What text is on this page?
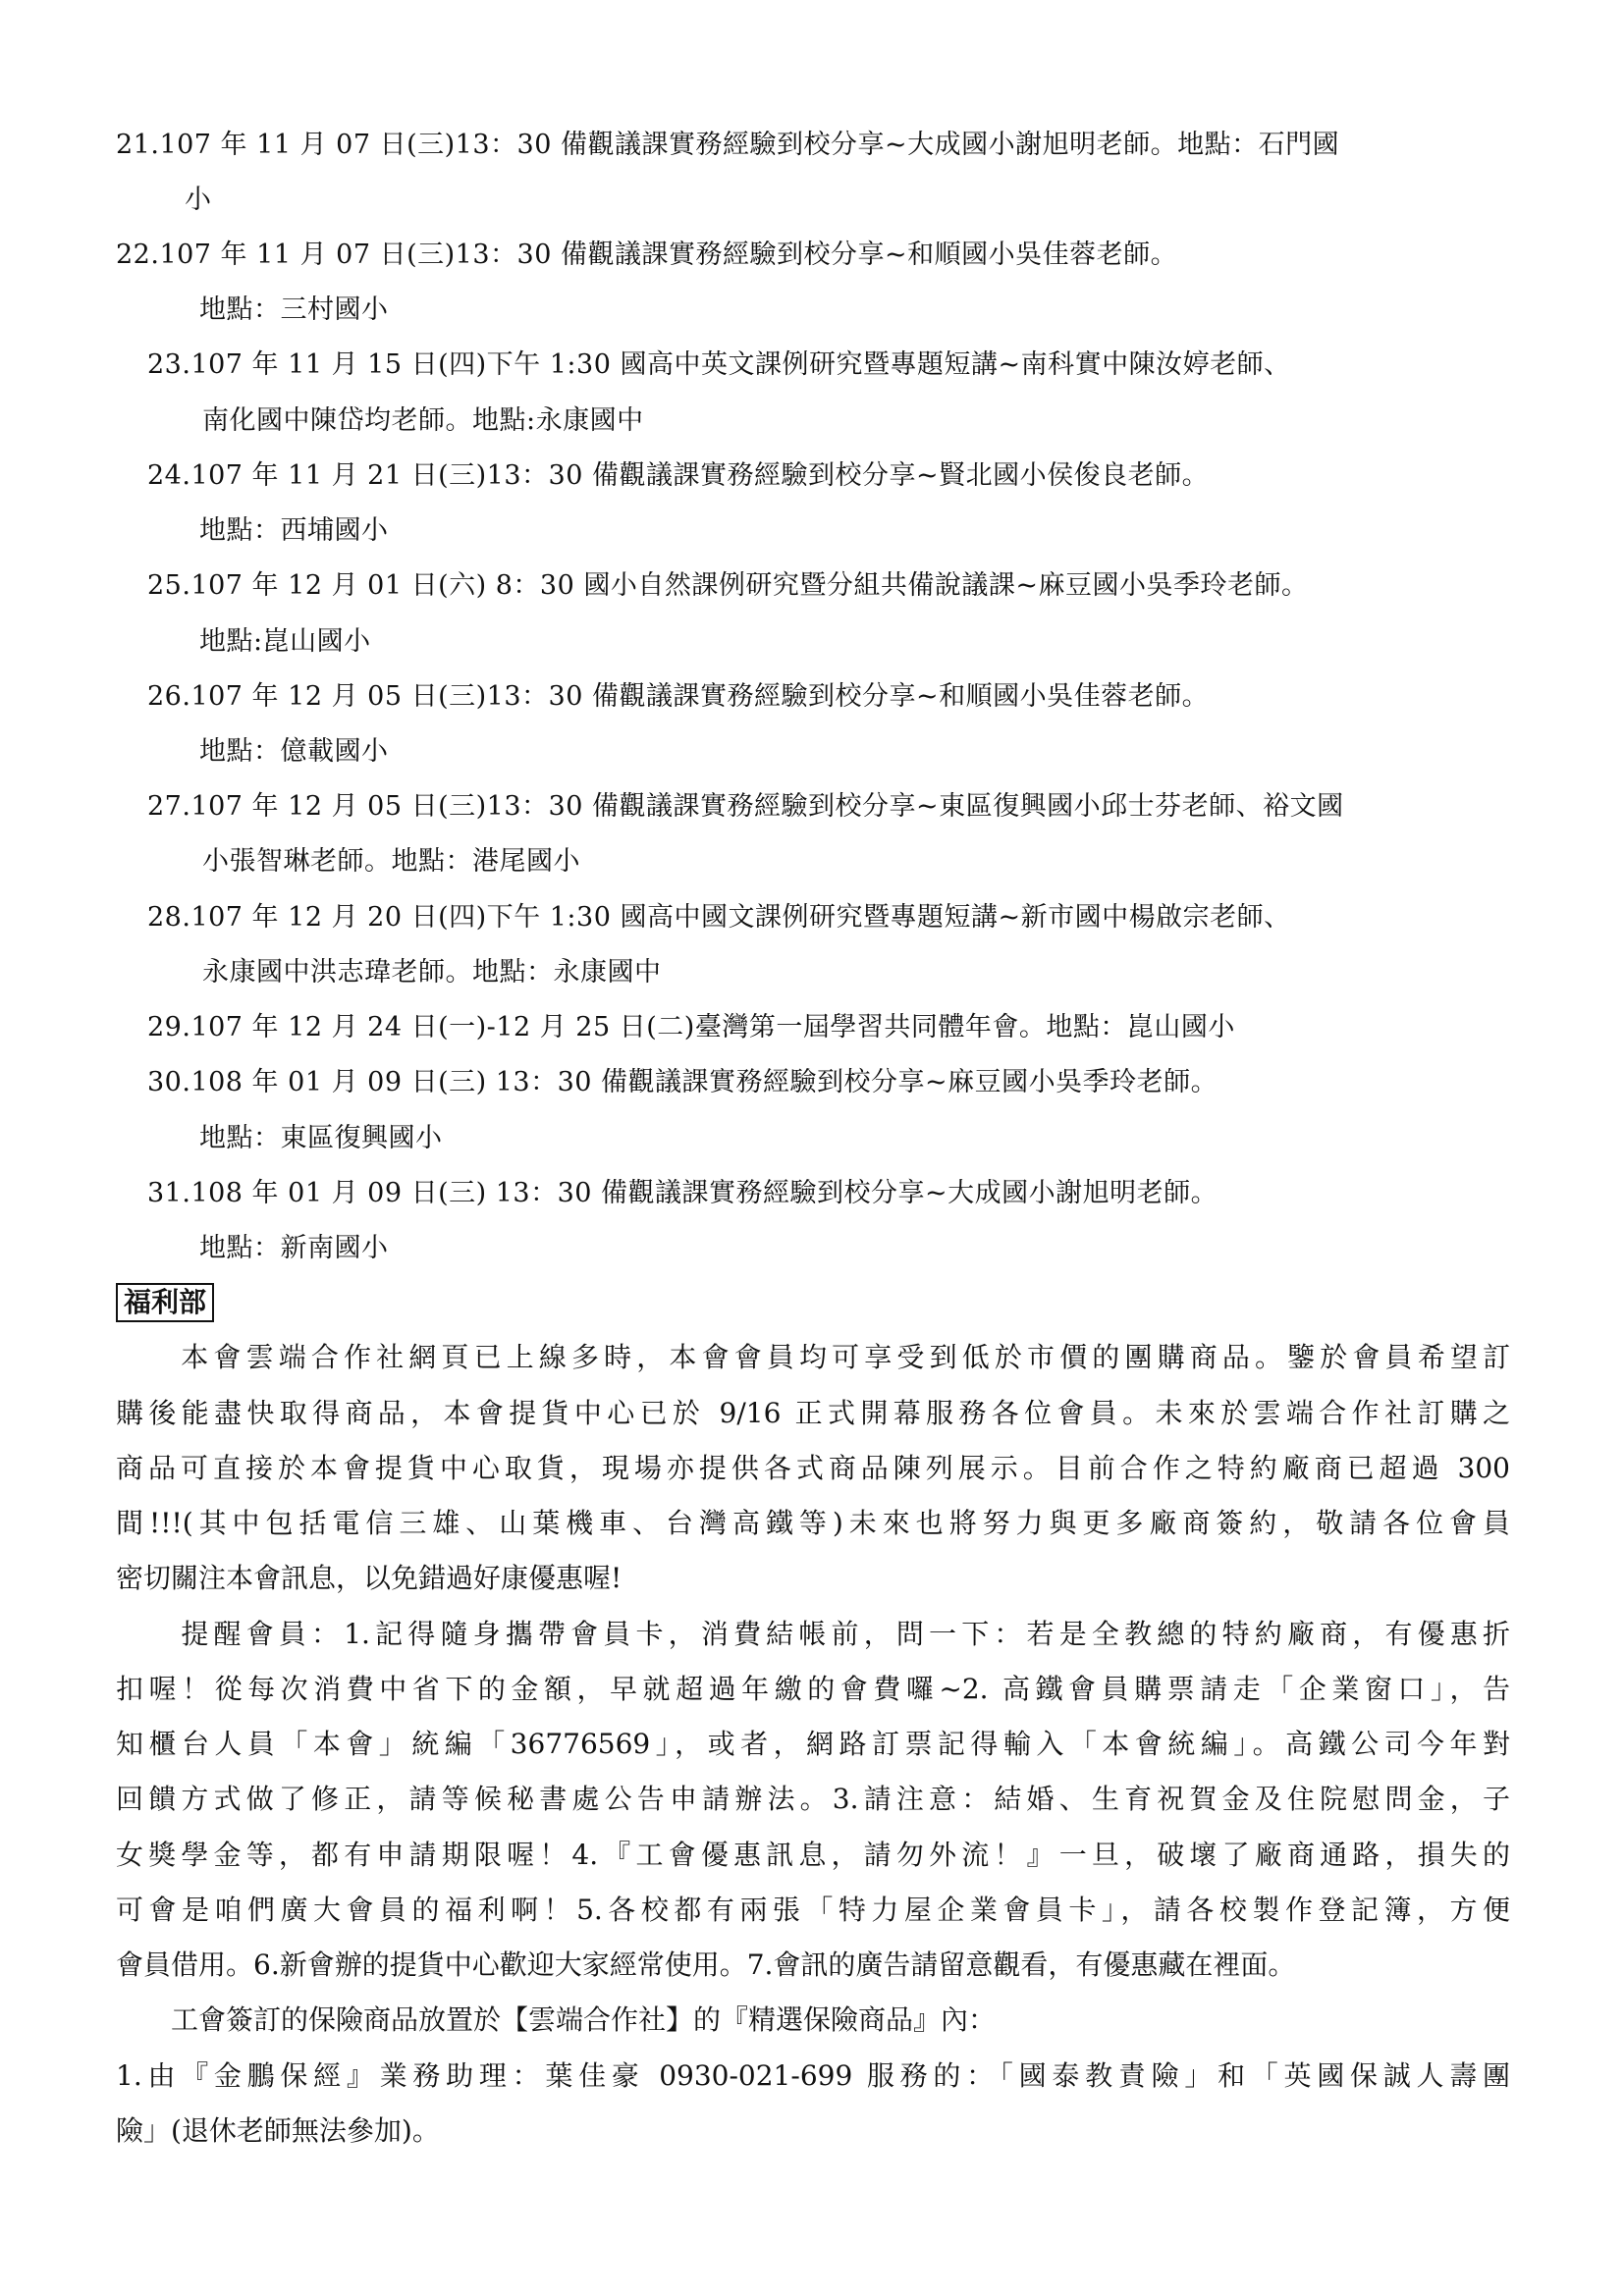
21.107 年 11 月 07 日(三)13：30 備觀議課實務經驗到校分享~大成國小謝旭明老師。地點：石門國
小
22.107 年 11 月 07 日(三)13：30 備觀議課實務經驗到校分享~和順國小吳佳蓉老師。
地點：三村國小
23.107 年 11 月 15 日(四)下午 1:30 國高中英文課例研究暨專題短講~南科實中陳汝婷老師、
南化國中陳岱均老師。地點:永康國中
24.107 年 11 月 21 日(三)13：30 備觀議課實務經驗到校分享~賢北國小侯俊良老師。
地點：西埔國小
25.107 年 12 月 01 日(六) 8：30 國小自然課例研究暨分組共備說議課~麻豆國小吳季玲老師。
地點:崑山國小
26.107 年 12 月 05 日(三)13：30 備觀議課實務經驗到校分享~和順國小吳佳蓉老師。
地點：億載國小
27.107 年 12 月 05 日(三)13：30 備觀議課實務經驗到校分享~東區復興國小邱士芬老師、裕文國
小張智琳老師。地點：港尾國小
28.107 年 12 月 20 日(四)下午 1:30 國高中國文課例研究暨專題短講~新市國中楊啟宗老師、
永康國中洪志瑋老師。地點：永康國中
29.107 年 12 月 24 日(一)-12 月 25 日(二)臺灣第一屆學習共同體年會。地點：崑山國小
30.108 年 01 月 09 日(三) 13：30 備觀議課實務經驗到校分享~麻豆國小吳季玲老師。
地點：東區復興國小
31.108 年 01 月 09 日(三) 13：30 備觀議課實務經驗到校分享~大成國小謝旭明老師。
地點：新南國小
福利部
　　本會雲端合作社網頁已上線多時，本會會員均可享受到低於市價的團購商品。鑒於會員希望訂
購後能盡快取得商品，本會提貨中心已於 9/16 正式開幕服務各位會員。未來於雲端合作社訂購之
商品可直接於本會提貨中心取貨，現場亦提供各式商品陳列展示。目前合作之特約廠商已超過 300
間!!!(其中包括電信三雄、山葉機車、台灣高鐵等)未來也將努力與更多廠商簽約，敬請各位會員
密切關注本會訊息，以免錯過好康優惠喔!
　　提醒會員：1.記得隨身攜帶會員卡，消費結帳前，問一下：若是全教總的特約廠商，有優惠折
扣喔！從每次消費中省下的金額，早就超過年繳的會費囉~2. 高鐵會員購票請走「企業窗口」，告
知櫃台人員「本會」統編「36776569」，或者，網路訂票記得輸入「本會統編」。高鐵公司今年對
回饋方式做了修正，請等候秘書處公告申請辦法。3.請注意：結婚、生育祝賀金及住院慰問金，子
女獎學金等，都有申請期限喔！4.『工會優惠訊息，請勿外流！』一旦，破壞了廠商通路，損失的
可會是咱們廣大會員的福利啊！5.各校都有兩張「特力屋企業會員卡」，請各校製作登記簿，方便
會員借用。6.新會辦的提貨中心歡迎大家經常使用。7.會訊的廣告請留意觀看，有優惠藏在裡面。
　　工會簽訂的保險商品放置於【雲端合作社】的『精選保險商品』內：
1.由『金鵬保經』業務助理：葉佳豪 0930-021-699 服務的：「國泰教責險」和「英國保誠人壽團
險」(退休老師無法參加)。
